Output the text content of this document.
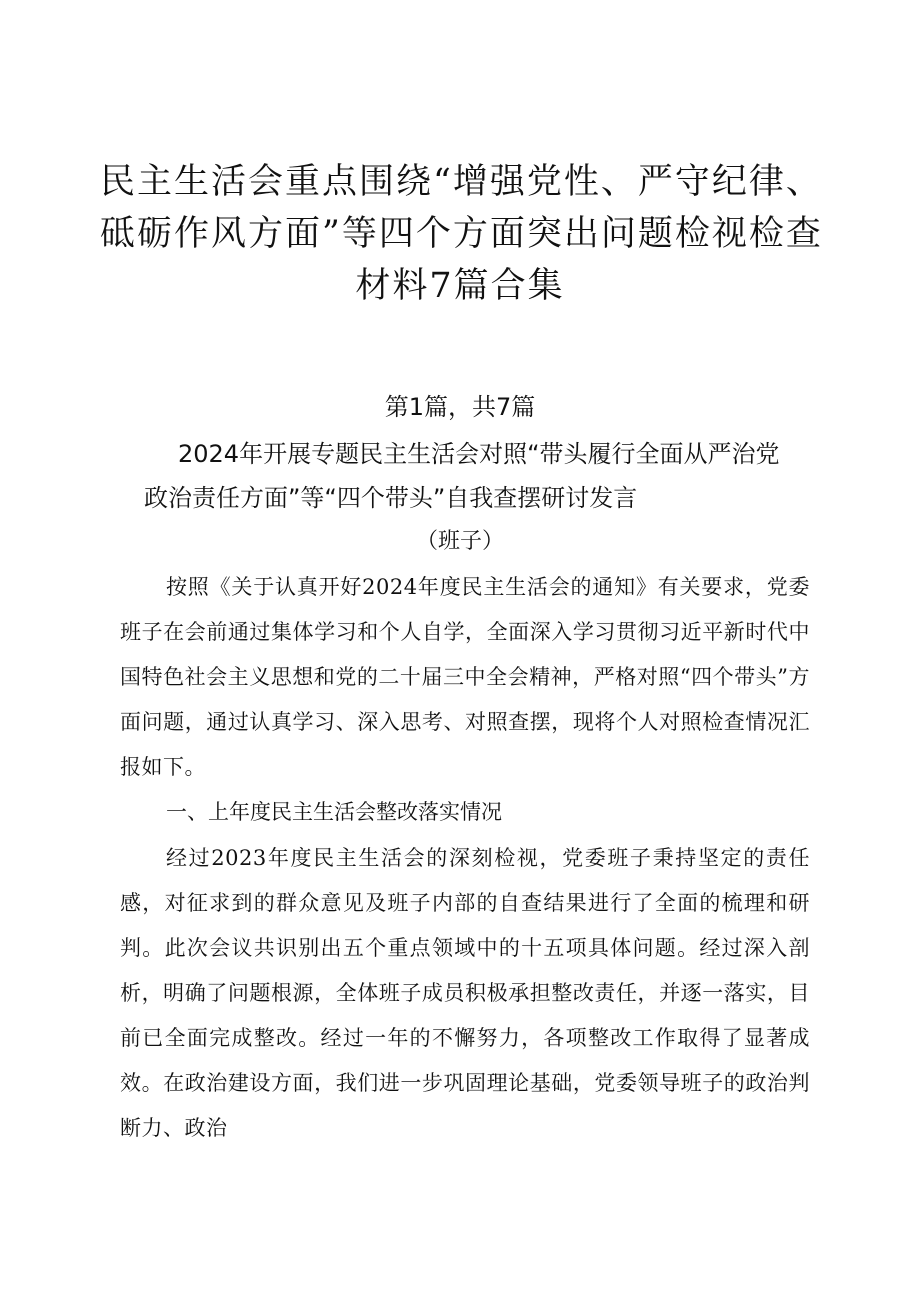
民主生活会重点围绕“增强党性、严守纪律、
砥砺作风方面”等四个方面突出问题检视检查
材料7篇合集
第1篇，共7篇
2024年开展专题民主生活会对照“带头履行全面从严治党
政治责任方面”等“四个带头”自我查摆研讨发言
（班子）

按照《关于认真开好2024年度民主生活会的通知》有关要求，党委班子在会前通过集体学习和个人自学，全面深入学习贯彻习近平新时代中国特色社会主义思想和党的二十届三中全会精神，严格对照“四个带头”方面问题，通过认真学习、深入思考、对照查摆，现将个人对照检查情况汇报如下。

一、上年度民主生活会整改落实情况

经过2023年度民主生活会的深刻检视，党委班子秉持坚定的责任感，对征求到的群众意见及班子内部的自查结果进行了全面的梳理和研判。此次会议共识别出五个重点领域中的十五项具体问题。经过深入剖析，明确了问题根源，全体班子成员积极承担整改责任，并逐一落实，目前已全面完成整改。经过一年的不懈努力，各项整改工作取得了显著成效。在政治建设方面，我们进一步巩固理论基础，党委领导班子的政治判断力、政治
